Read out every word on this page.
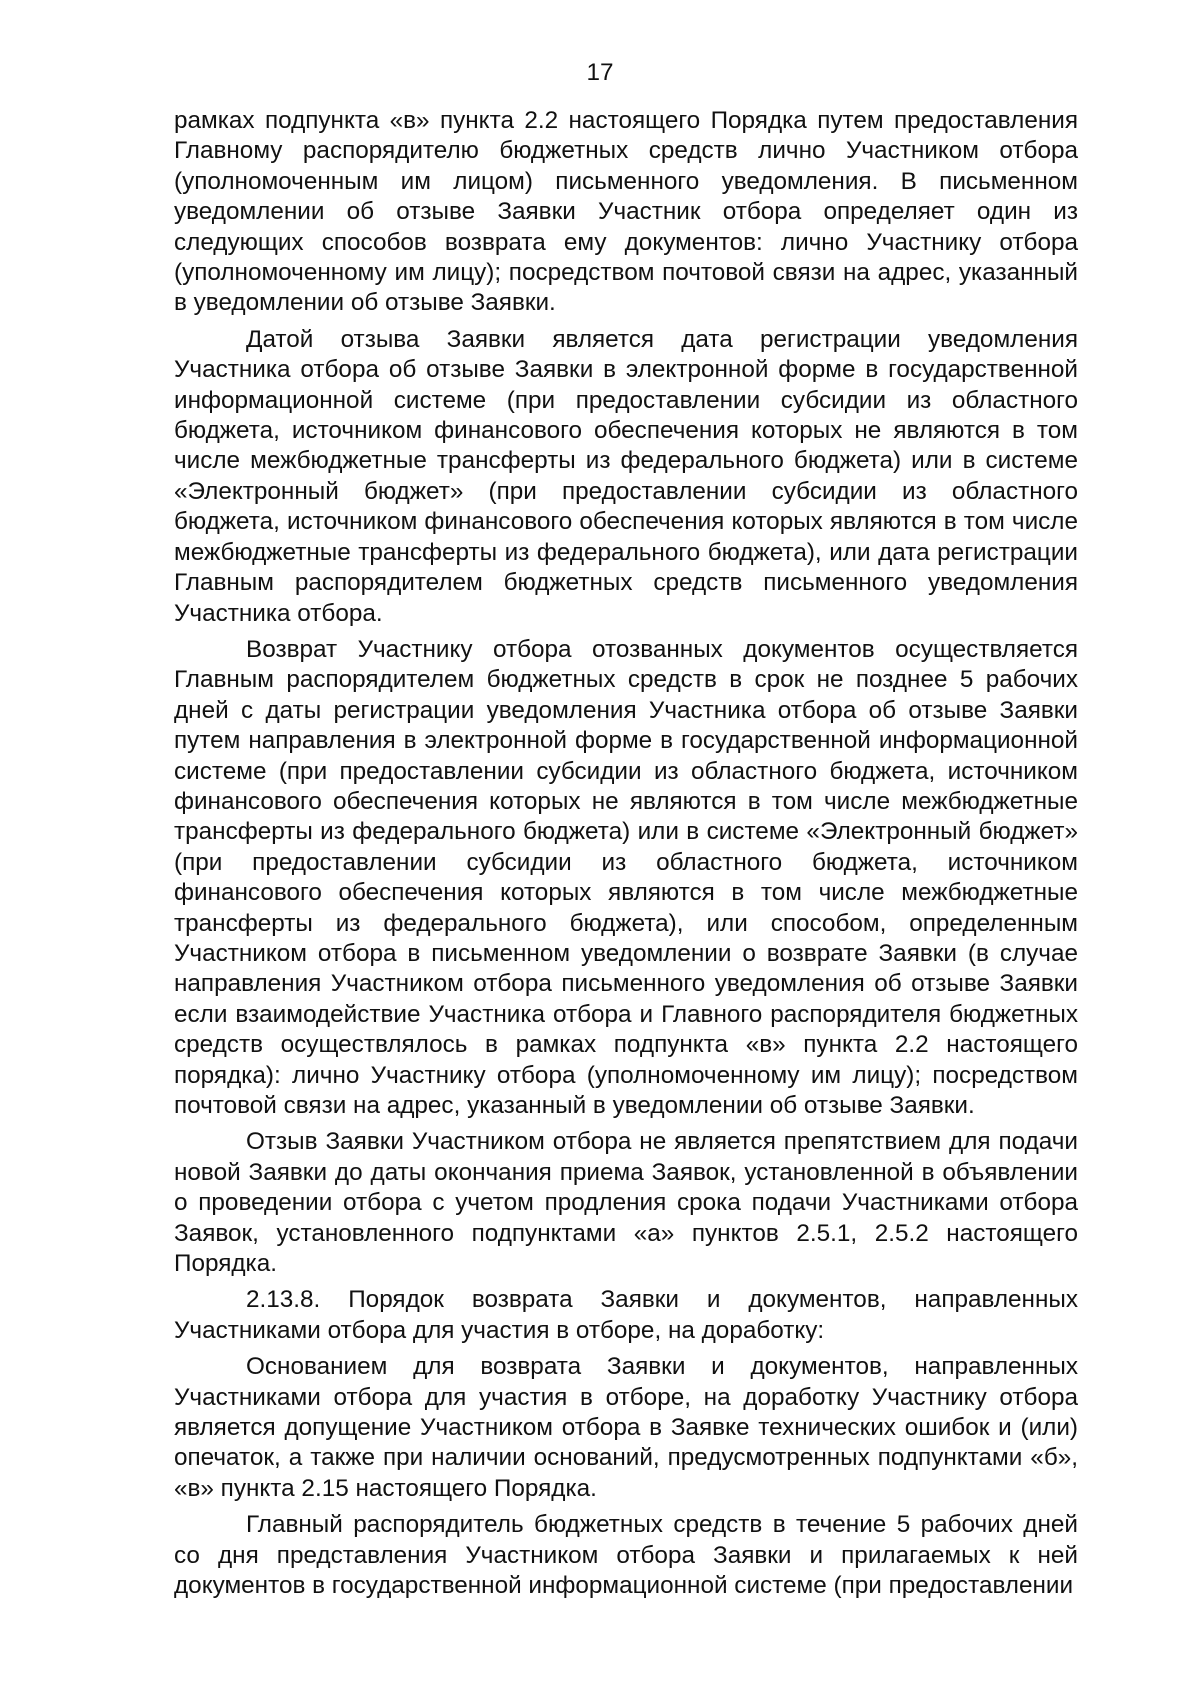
17

рамках подпункта «в» пункта 2.2 настоящего Порядка путем предоставления Главному распорядителю бюджетных средств лично Участником отбора (уполномоченным им лицом) письменного уведомления. В письменном уведомлении об отзыве Заявки Участник отбора определяет один из следующих способов возврата ему документов: лично Участнику отбора (уполномоченному им лицу); посредством почтовой связи на адрес, указанный в уведомлении об отзыве Заявки.

Датой отзыва Заявки является дата регистрации уведомления Участника отбора об отзыве Заявки в электронной форме в государственной информационной системе (при предоставлении субсидии из областного бюджета, источником финансового обеспечения которых не являются в том числе межбюджетные трансферты из федерального бюджета) или в системе «Электронный бюджет» (при предоставлении субсидии из областного бюджета, источником финансового обеспечения которых являются в том числе межбюджетные трансферты из федерального бюджета), или дата регистрации Главным распорядителем бюджетных средств письменного уведомления Участника отбора.

Возврат Участнику отбора отозванных документов осуществляется Главным распорядителем бюджетных средств в срок не позднее 5 рабочих дней с даты регистрации уведомления Участника отбора об отзыве Заявки путем направления в электронной форме в государственной информационной системе (при предоставлении субсидии из областного бюджета, источником финансового обеспечения которых не являются в том числе межбюджетные трансферты из федерального бюджета) или в системе «Электронный бюджет» (при предоставлении субсидии из областного бюджета, источником финансового обеспечения которых являются в том числе межбюджетные трансферты из федерального бюджета), или способом, определенным Участником отбора в письменном уведомлении о возврате Заявки (в случае направления Участником отбора письменного уведомления об отзыве Заявки если взаимодействие Участника отбора и Главного распорядителя бюджетных средств осуществлялось в рамках подпункта «в» пункта 2.2 настоящего порядка): лично Участнику отбора (уполномоченному им лицу); посредством почтовой связи на адрес, указанный в уведомлении об отзыве Заявки.

Отзыв Заявки Участником отбора не является препятствием для подачи новой Заявки до даты окончания приема Заявок, установленной в объявлении о проведении отбора с учетом продления срока подачи Участниками отбора Заявок, установленного подпунктами «а» пунктов 2.5.1, 2.5.2 настоящего Порядка.

2.13.8. Порядок возврата Заявки и документов, направленных Участниками отбора для участия в отборе, на доработку:

Основанием для возврата Заявки и документов, направленных Участниками отбора для участия в отборе, на доработку Участнику отбора является допущение Участником отбора в Заявке технических ошибок и (или) опечаток, а также при наличии оснований, предусмотренных подпунктами «б», «в» пункта 2.15 настоящего Порядка.

Главный распорядитель бюджетных средств в течение 5 рабочих дней со дня представления Участником отбора Заявки и прилагаемых к ней документов в государственной информационной системе (при предоставлении
